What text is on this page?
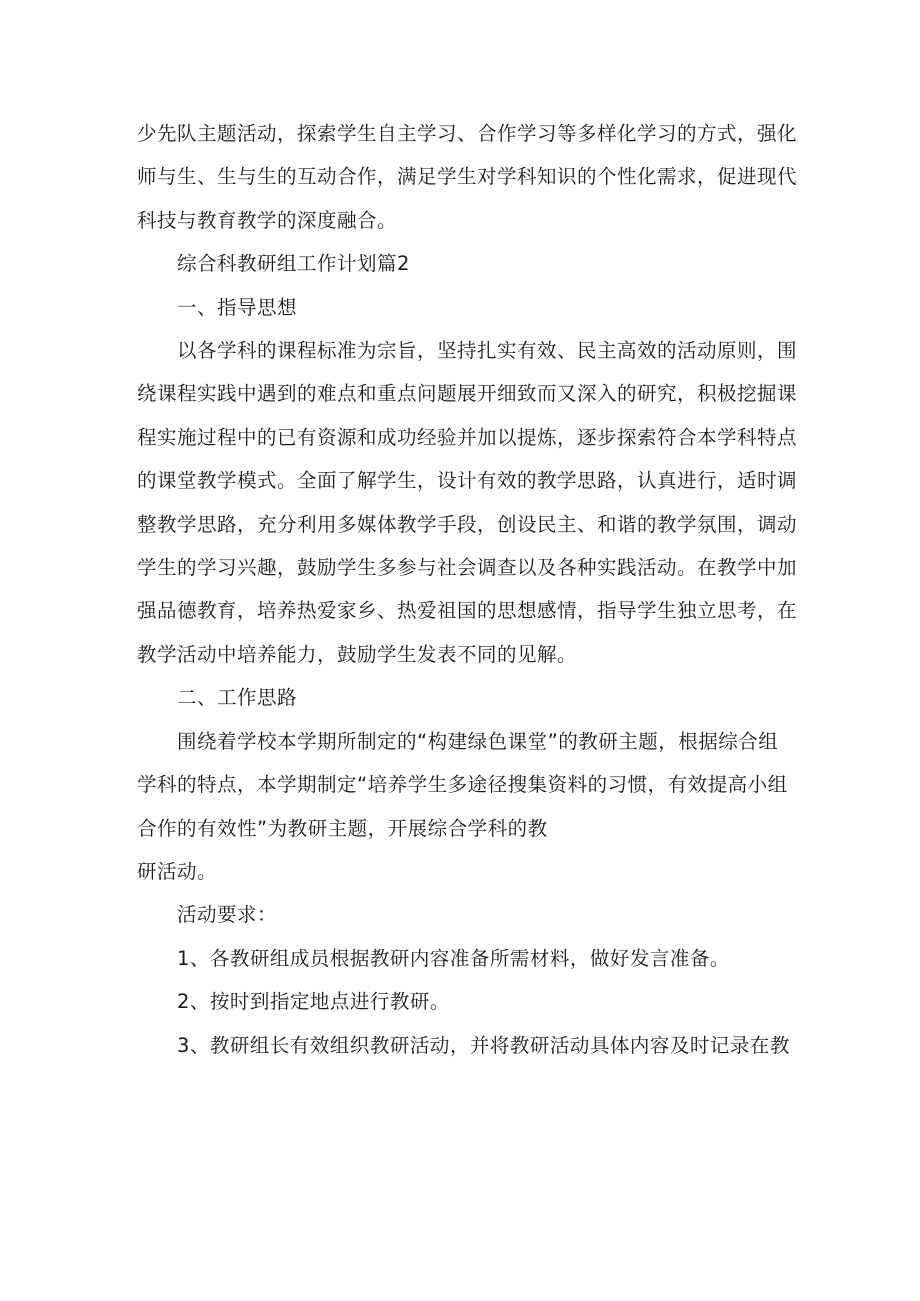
少先队主题活动，探索学生自主学习、合作学习等多样化学习的方式，强化
师与生、生与生的互动合作，满足学生对学科知识的个性化需求，促进现代
科技与教育教学的深度融合。

综合科教研组工作计划篇2

一、指导思想

以各学科的课程标准为宗旨，坚持扎实有效、民主高效的活动原则，围
绕课程实践中遇到的难点和重点问题展开细致而又深入的研究，积极挖掘课
程实施过程中的已有资源和成功经验并加以提炼，逐步探索符合本学科特点
的课堂教学模式。全面了解学生，设计有效的教学思路，认真进行，适时调
整教学思路，充分利用多媒体教学手段，创设民主、和谐的教学氛围，调动
学生的学习兴趣，鼓励学生多参与社会调查以及各种实践活动。在教学中加
强品德教育，培养热爱家乡、热爱祖国的思想感情，指导学生独立思考，在
教学活动中培养能力，鼓励学生发表不同的见解。

二、工作思路

围绕着学校本学期所制定的“构建绿色课堂”的教研主题，根据综合组
学科的特点，本学期制定“培养学生多途径搜集资料的习惯，有效提高小组
合作的有效性”为教研主题，开展综合学科的教
研活动。

活动要求：

1、各教研组成员根据教研内容准备所需材料，做好发言准备。

2、按时到指定地点进行教研。

3、教研组长有效组织教研活动，并将教研活动具体内容及时记录在教
